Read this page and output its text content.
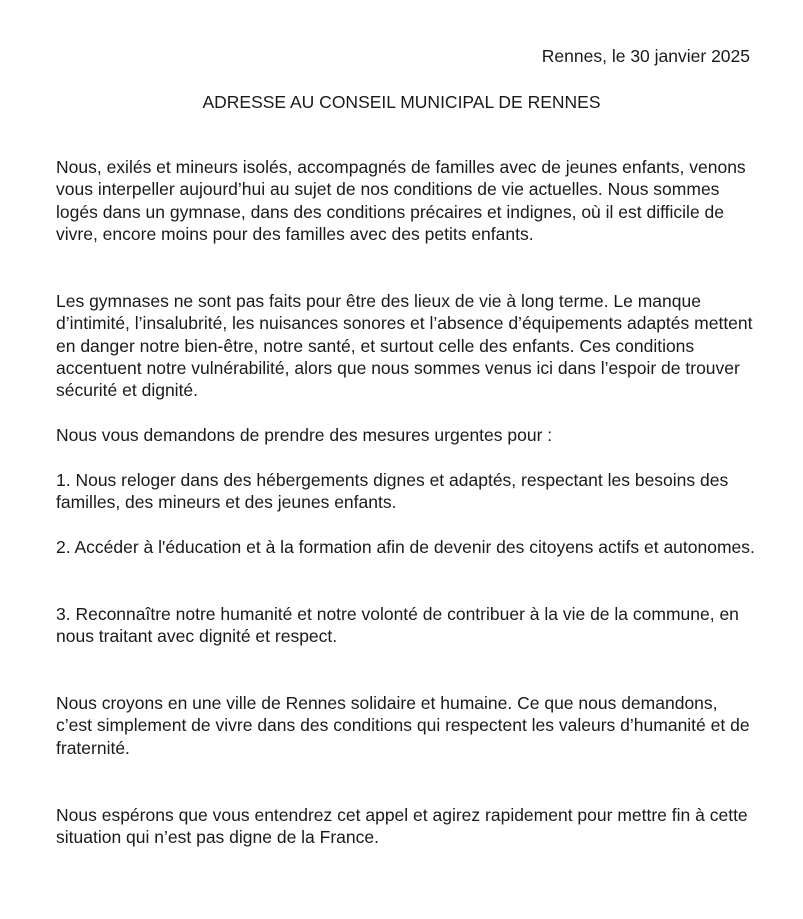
Rennes, le 30 janvier 2025
ADRESSE AU CONSEIL MUNICIPAL DE RENNES

Nous, exilés et mineurs isolés, accompagnés de familles avec de jeunes enfants, venons vous interpeller aujourd’hui au sujet de nos conditions de vie actuelles. Nous sommes logés dans un gymnase, dans des conditions précaires et indignes, où il est difficile de vivre, encore moins pour des familles avec des petits enfants.

Les gymnases ne sont pas faits pour être des lieux de vie à long terme. Le manque d’intimité, l’insalubrité, les nuisances sonores et l’absence d’équipements adaptés mettent en danger notre bien-être, notre santé, et surtout celle des enfants. Ces conditions accentuent notre vulnérabilité, alors que nous sommes venus ici dans l’espoir de trouver sécurité et dignité.

Nous vous demandons de prendre des mesures urgentes pour :

1. Nous reloger dans des hébergements dignes et adaptés, respectant les besoins des familles, des mineurs et des jeunes enfants.

2. Accéder à l'éducation et à la formation afin de devenir des citoyens actifs et autonomes.

3. Reconnaître notre humanité et notre volonté de contribuer à la vie de la commune, en nous traitant avec dignité et respect.

Nous croyons en une ville de Rennes solidaire et humaine. Ce que nous demandons, c’est simplement de vivre dans des conditions qui respectent les valeurs d’humanité et de fraternité.

Nous espérons que vous entendrez cet appel et agirez rapidement pour mettre fin à cette situation qui n’est pas digne de la France.
